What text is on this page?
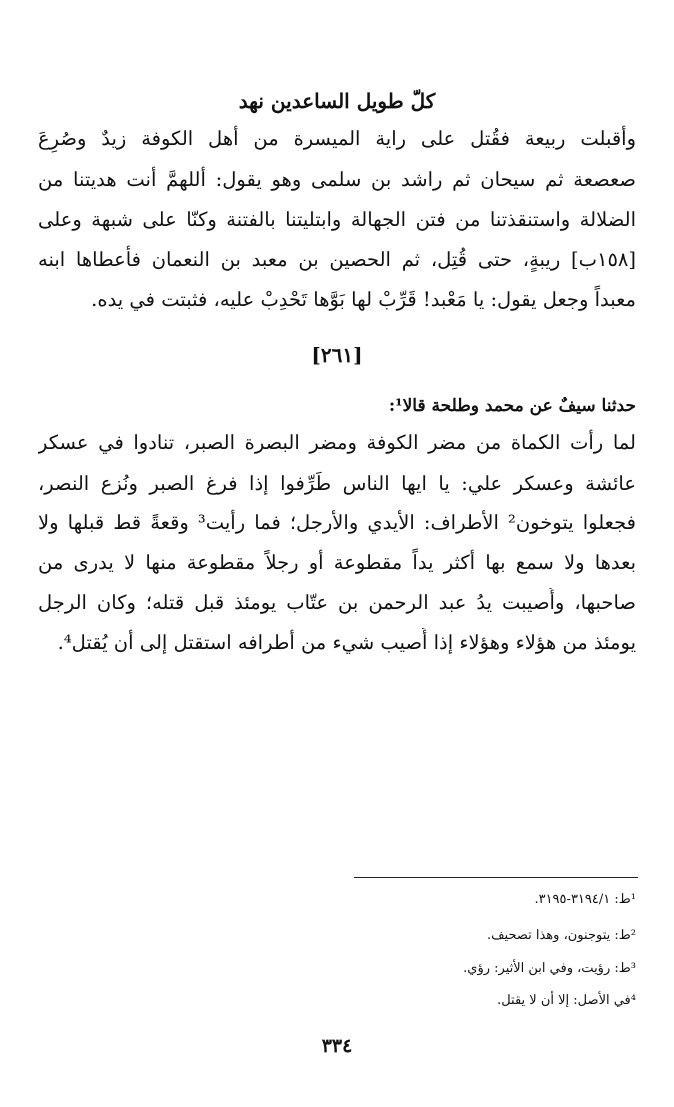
كلّ طويل الساعدين نهد
وأقبلت ربيعة فقُتل على راية الميسرة من أهل الكوفة زيدٌ وصُرِعَ
صعصعة ثم سيحان ثم راشد بن سلمى وهو يقول: أللهمَّ أنت هديتنا من
الضلالة واستنقذتنا من فتن الجهالة وابتليتنا بالفتنة وكنّا على شبهة وعلى
[١٥٨ب] ريبةٍ، حتى قُتِل، ثم الحصين بن معبد بن النعمان فأعطاها ابنه
معبداً وجعل يقول: يا مَعْبد! قَرِّبْ لها بَوَّها تَحْدِبْ عليه، فثبتت في يده.
[٢٦١]
حدثنا سيفٌ عن محمد وطلحة قالا¹:
لما رأت الكماة من مضر الكوفة ومضر البصرة الصبر، تنادوا في عسكر
عائشة وعسكر علي: يا ايها الناس طَرِّفوا إذا فرغ الصبر ونُزع النصر،
فجعلوا يتوخون² الأطراف: الأيدي والأرجل؛ فما رأيت³ وقعةً قط قبلها ولا
بعدها ولا سمع بها أكثر يداً مقطوعة أو رجلاً مقطوعة منها لا يدرى من
صاحبها، وأُصيبت يدُ عبد الرحمن بن عتّاب يومئذ قبل قتله؛ وكان الرجل
يومئذ من هؤلاء وهؤلاء إذا أُصيب شيء من أطرافه استقتل إلى أن يُقتل⁴.
¹ط: ٣١٩٤/١-٣١٩٥.
²ط: يتوجنون، وهذا تصحيف.
³ط: رؤيت، وفي ابن الأثير: رؤي.
⁴في الأصل: إلا أن لا يقتل.
٣٣٤
